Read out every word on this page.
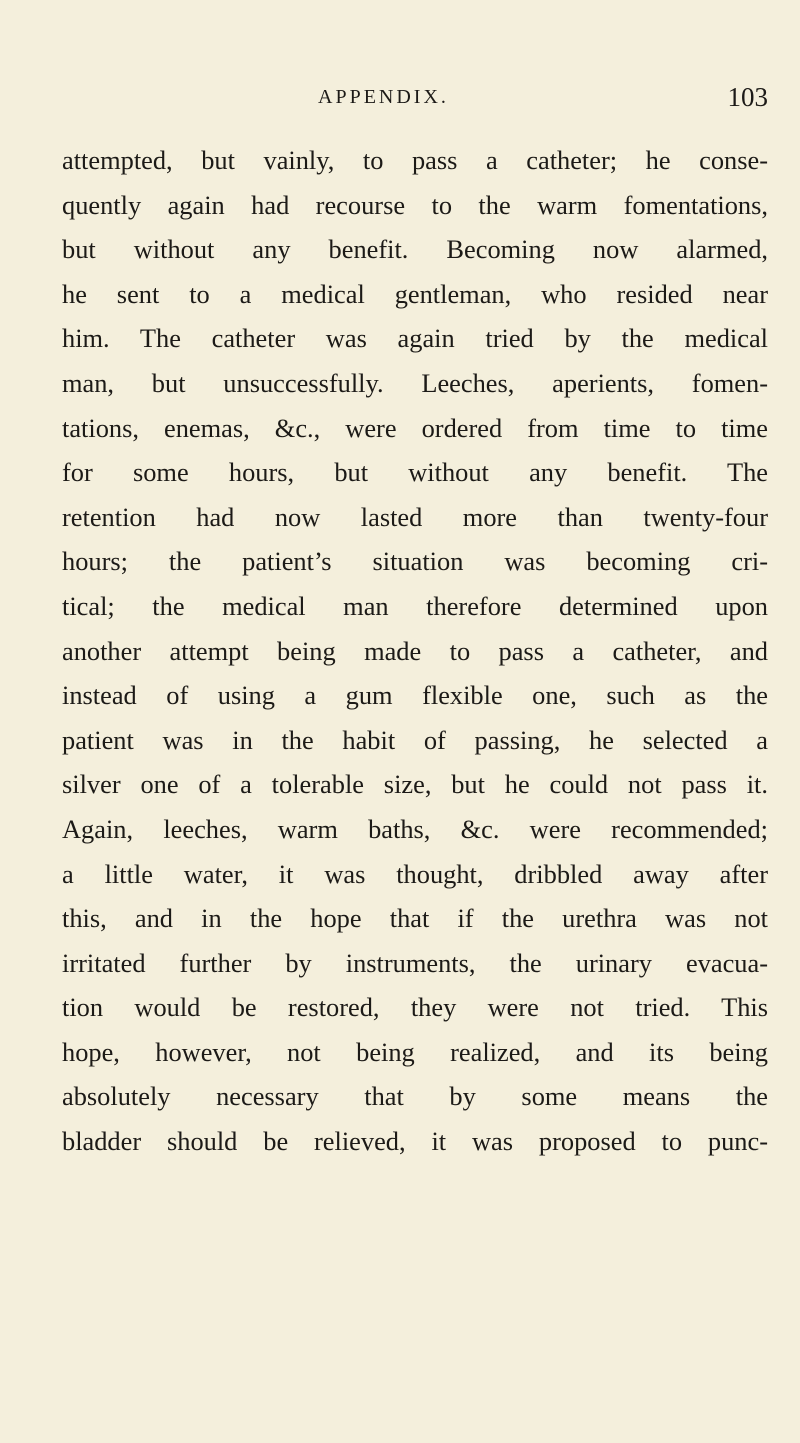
APPENDIX.	103
attempted, but vainly, to pass a catheter; he conse-
quently again had recourse to the warm fomentations,
but without any benefit. Becoming now alarmed,
he sent to a medical gentleman, who resided near
him. The catheter was again tried by the medical
man, but unsuccessfully. Leeches, aperients, fomen-
tations, enemas, &c., were ordered from time to time
for some hours, but without any benefit. The
retention had now lasted more than twenty-four
hours; the patient’s situation was becoming cri-
tical; the medical man therefore determined upon
another attempt being made to pass a catheter, and
instead of using a gum flexible one, such as the
patient was in the habit of passing, he selected a
silver one of a tolerable size, but he could not pass it.
Again, leeches, warm baths, &c. were recommended;
a little water, it was thought, dribbled away after
this, and in the hope that if the urethra was not
irritated further by instruments, the urinary evacua-
tion would be restored, they were not tried. This
hope, however, not being realized, and its being
absolutely necessary that by some means the
bladder should be relieved, it was proposed to punc-
